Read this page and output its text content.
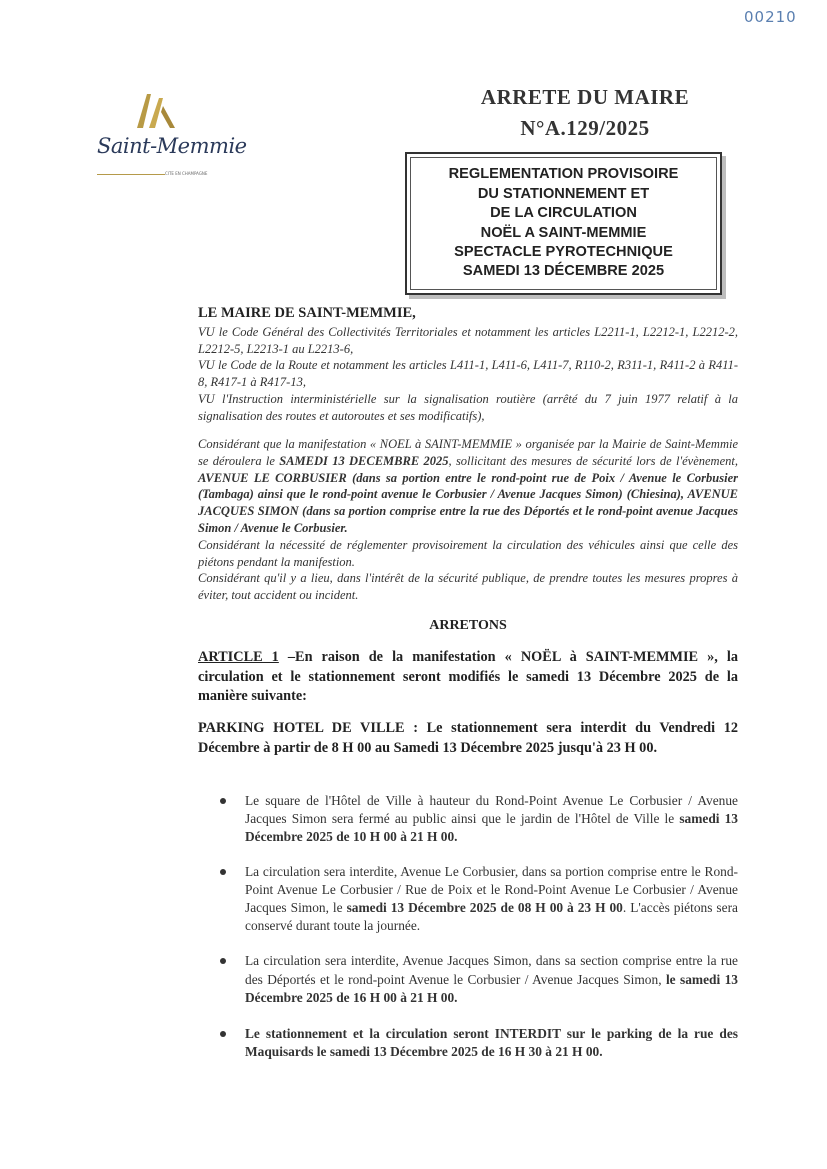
00210
Saint-Memmie
CITE EN CHAMPAGNE
ARRETE DU MAIRE
N°A.129/2025
REGLEMENTATION PROVISOIRE
DU STATIONNEMENT ET
DE LA CIRCULATION
NOËL A SAINT-MEMMIE
SPECTACLE PYROTECHNIQUE
SAMEDI 13 DÉCEMBRE 2025
LE MAIRE DE SAINT-MEMMIE,

VU le Code Général des Collectivités Territoriales et notamment les articles L2211-1, L2212-1, L2212-2, L2212-5, L2213-1 au L2213-6,

VU le Code de la Route et notamment les articles L411-1, L411-6, L411-7, R110-2, R311-1, R411-2 à R411-8, R417-1 à R417-13,

VU l'Instruction interministérielle sur la signalisation routière (arrêté du 7 juin 1977 relatif à la signalisation des routes et autoroutes et ses modificatifs),

Considérant que la manifestation « NOEL à SAINT-MEMMIE » organisée par la Mairie de Saint-Memmie se déroulera le SAMEDI 13 DECEMBRE 2025, sollicitant des mesures de sécurité lors de l'évènement, AVENUE LE CORBUSIER (dans sa portion entre le rond-point rue de Poix / Avenue le Corbusier (Tambaga) ainsi que le rond-point avenue le Corbusier / Avenue Jacques Simon) (Chiesina), AVENUE JACQUES SIMON (dans sa portion comprise entre la rue des Déportés et le rond-point avenue Jacques Simon / Avenue le Corbusier.

Considérant la nécessité de réglementer provisoirement la circulation des véhicules ainsi que celle des piétons pendant la manifestion.

Considérant qu'il y a lieu, dans l'intérêt de la sécurité publique, de prendre toutes les mesures propres à éviter, tout accident ou incident.

ARRETONS
ARTICLE 1 –En raison de la manifestation « NOËL à SAINT-MEMMIE », la circulation et le stationnement seront modifiés le samedi 13 Décembre 2025 de la manière suivante:
PARKING HOTEL DE VILLE : Le stationnement sera interdit du Vendredi 12 Décembre à partir de 8 H 00 au Samedi 13 Décembre 2025 jusqu'à 23 H 00.
Le square de l'Hôtel de Ville à hauteur du Rond-Point Avenue Le Corbusier / Avenue Jacques Simon sera fermé au public ainsi que le jardin de l'Hôtel de Ville le samedi 13 Décembre 2025 de 10 H 00 à 21 H 00.
La circulation sera interdite, Avenue Le Corbusier, dans sa portion comprise entre le Rond-Point Avenue Le Corbusier / Rue de Poix et le Rond-Point Avenue Le Corbusier / Avenue Jacques Simon, le samedi 13 Décembre 2025 de 08 H 00 à 23 H 00. L'accès piétons sera conservé durant toute la journée.
La circulation sera interdite, Avenue Jacques Simon, dans sa section comprise entre la rue des Déportés et le rond-point Avenue le Corbusier / Avenue Jacques Simon, le samedi 13 Décembre 2025 de 16 H 00 à 21 H 00.
Le stationnement et la circulation seront INTERDIT sur le parking de la rue des Maquisards le samedi 13 Décembre 2025 de 16 H 30 à 21 H 00.
